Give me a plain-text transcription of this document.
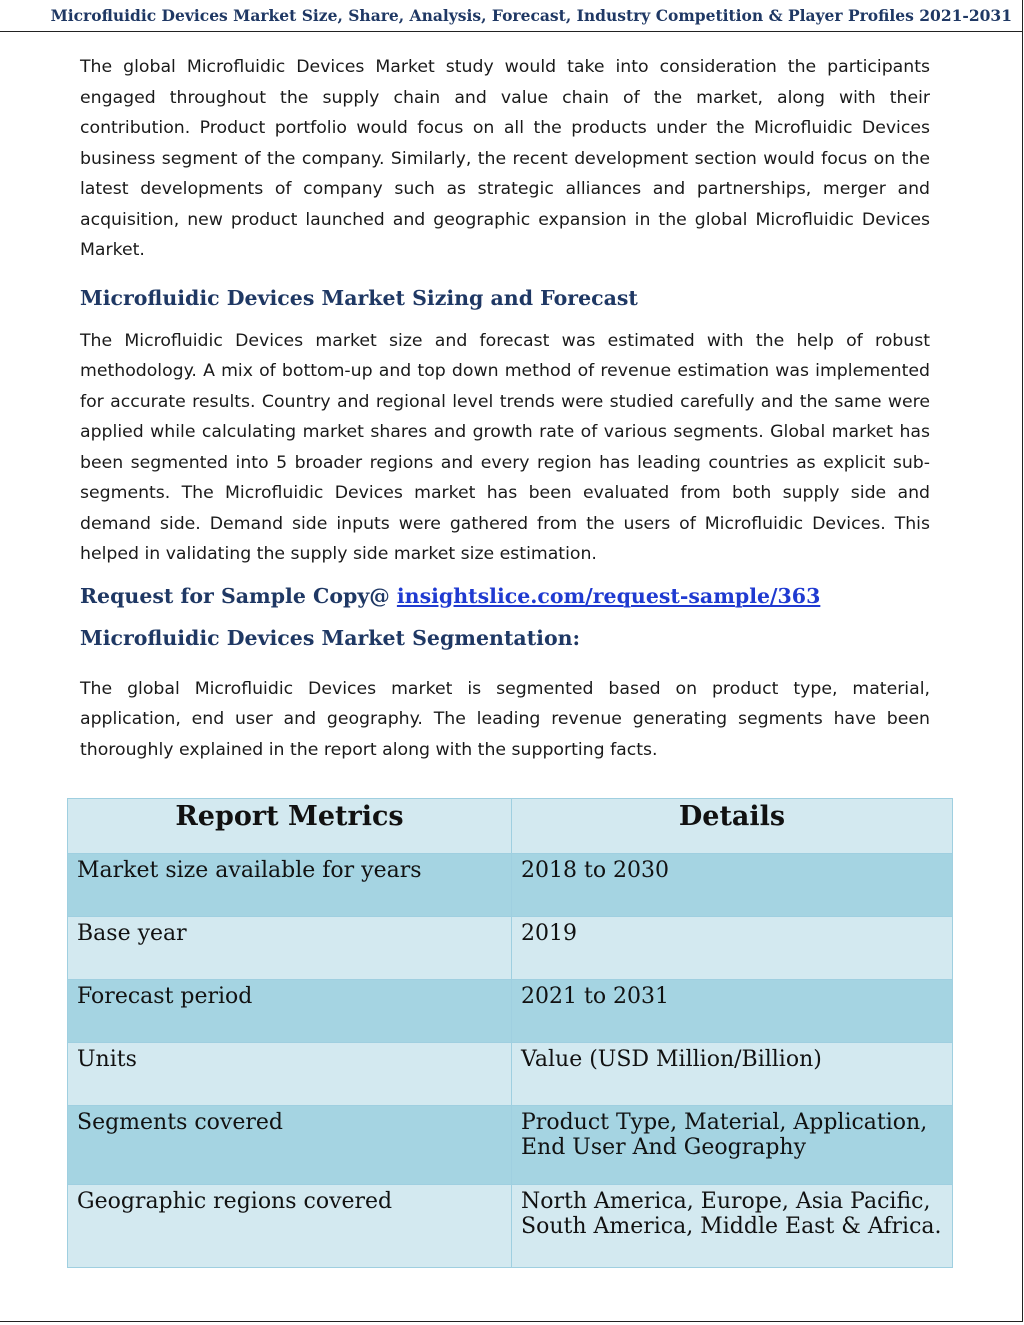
Microfluidic Devices Market Size, Share, Analysis, Forecast, Industry Competition & Player Profiles 2021-2031

The global Microfluidic Devices Market study would take into consideration the participants engaged throughout the supply chain and value chain of the market, along with their contribution. Product portfolio would focus on all the products under the Microfluidic Devices business segment of the company. Similarly, the recent development section would focus on the latest developments of company such as strategic alliances and partnerships, merger and acquisition, new product launched and geographic expansion in the global Microfluidic Devices Market.

Microfluidic Devices Market Sizing and Forecast

The Microfluidic Devices market size and forecast was estimated with the help of robust methodology. A mix of bottom-up and top down method of revenue estimation was implemented for accurate results. Country and regional level trends were studied carefully and the same were applied while calculating market shares and growth rate of various segments. Global market has been segmented into 5 broader regions and every region has leading countries as explicit sub-segments. The Microfluidic Devices market has been evaluated from both supply side and demand side. Demand side inputs were gathered from the users of Microfluidic Devices. This helped in validating the supply side market size estimation.

Request for Sample Copy@ insightslice.com/request-sample/363
Microfluidic Devices Market Segmentation:

The global Microfluidic Devices market is segmented based on product type, material, application, end user and geography. The leading revenue generating segments have been thoroughly explained in the report along with the supporting facts.

Report Metrics	Details
Market size available for years	2018 to 2030
Base year	2019
Forecast period	2021 to 2031
Units	Value (USD Million/Billion)
Segments covered	Product Type, Material, Application, End User And Geography
Geographic regions covered	North America, Europe, Asia Pacific, South America, Middle East & Africa.
